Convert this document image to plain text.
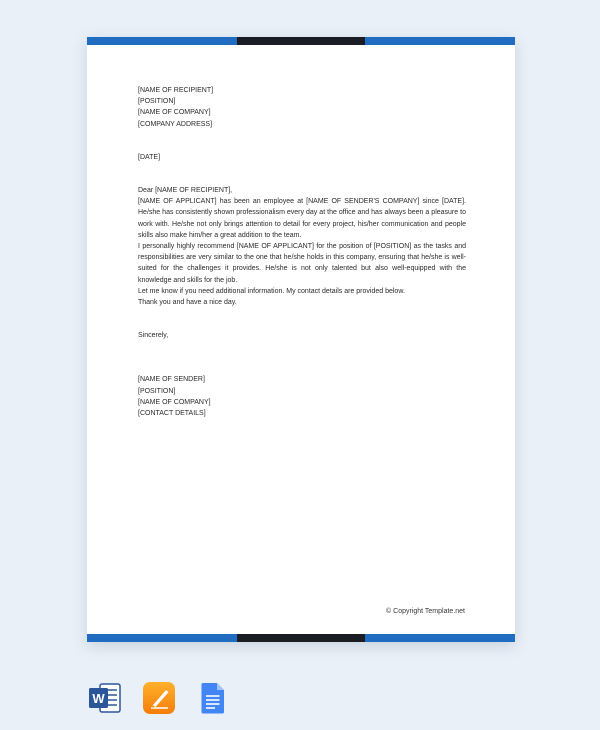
[NAME OF RECIPIENT]
[POSITION]
[NAME OF COMPANY]
[COMPANY ADDRESS]
[DATE]
Dear [NAME OF RECIPIENT],

[NAME OF APPLICANT] has been an employee at [NAME OF SENDER'S COMPANY] since [DATE]. He/she has consistently shown professionalism every day at the office and has always been a pleasure to work with. He/she not only brings attention to detail for every project, his/her communication and people skills also make him/her a great addition to the team.

I personally highly recommend [NAME OF APPLICANT] for the position of [POSITION] as the tasks and responsibilities are very similar to the one that he/she holds in this company, ensuring that he/she is well-suited for the challenges it provides. He/she is not only talented but also well-equipped with the knowledge and skills for the job.

Let me know if you need additional information. My contact details are provided below.

Thank you and have a nice day.

Sincerely,
[NAME OF SENDER]
[POSITION]
[NAME OF COMPANY]
[CONTACT DETAILS]
© Copyright Template.net
W
